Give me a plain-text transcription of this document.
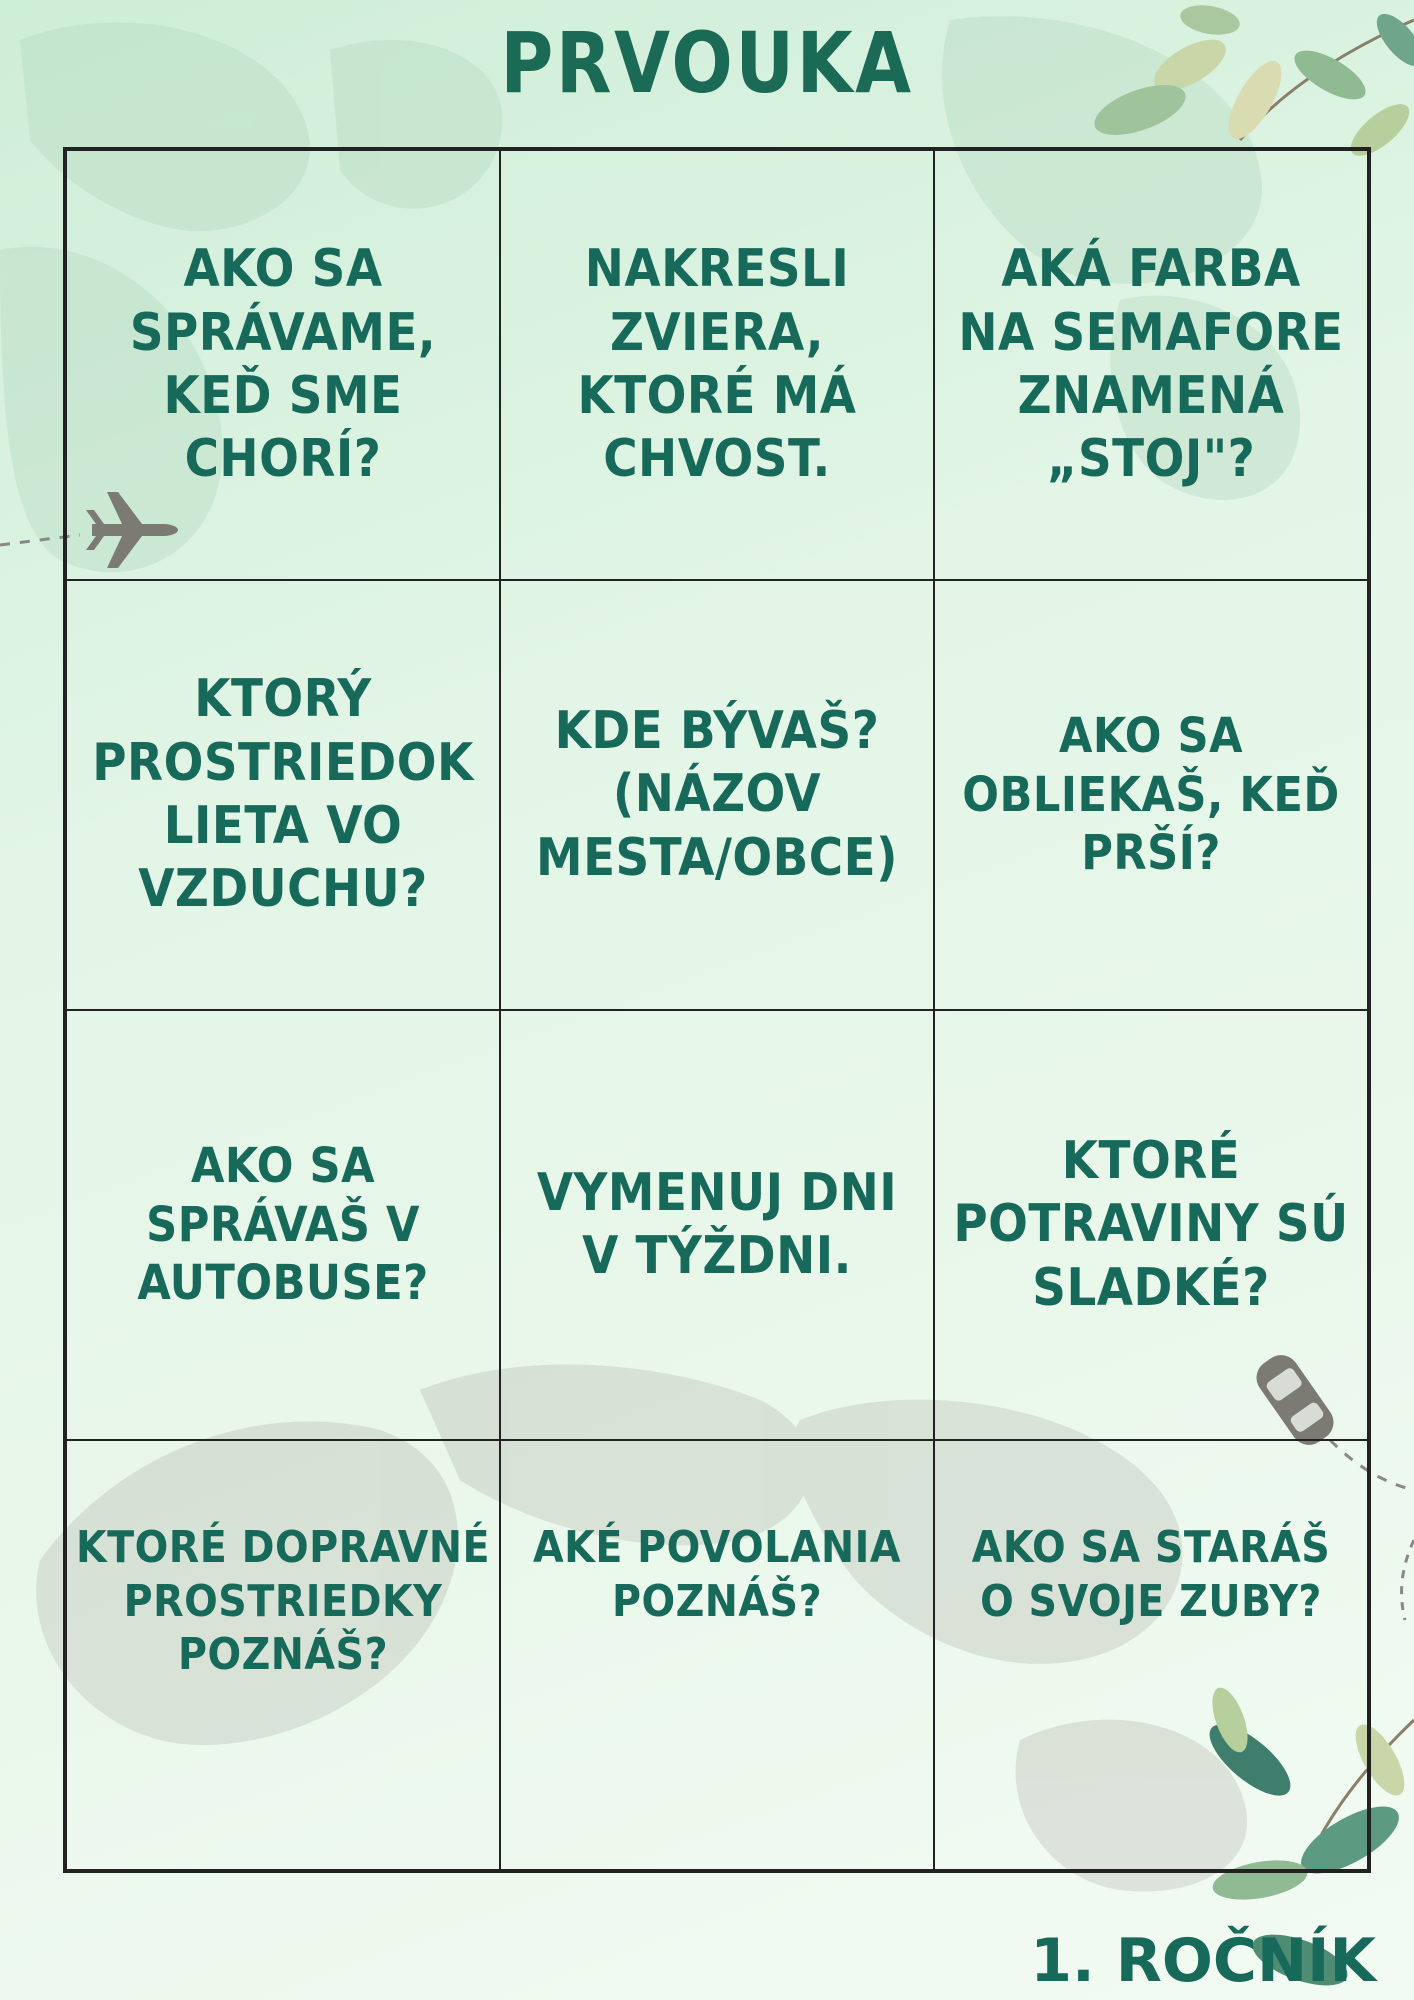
PRVOUKA
AKO SA
SPRÁVAME,
KEĎ SME
CHORÍ?
NAKRESLI
ZVIERA,
KTORÉ MÁ
CHVOST.
AKÁ FARBA
NA SEMAFORE
ZNAMENÁ
„STOJ"?
KTORÝ
PROSTRIEDOK
LIETA VO
VZDUCHU?
KDE BÝVAŠ?
(NÁZOV
MESTA/OBCE)
AKO SA
OBLIEKAŠ, KEĎ
PRŠÍ?
AKO SA
SPRÁVAŠ V
AUTOBUSE?
VYMENUJ DNI
V TÝŽDNI.
KTORÉ
POTRAVINY SÚ
SLADKÉ?
KTORÉ DOPRAVNÉ
PROSTRIEDKY
POZNÁŠ?
AKÉ POVOLANIA
POZNÁŠ?
AKO SA STARÁŠ
O SVOJE ZUBY?
1. ROČNÍK
